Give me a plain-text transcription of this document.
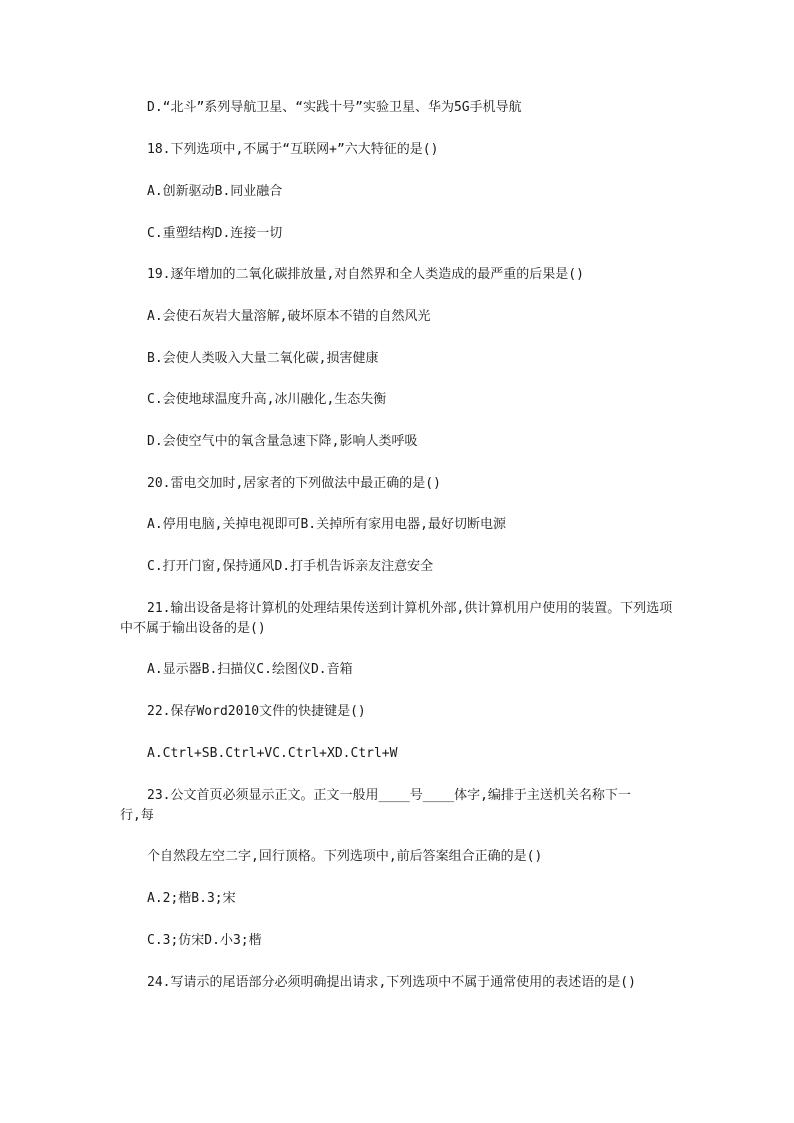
D.“北斗”系列导航卫星、“实践十号”实验卫星、华为5G手机导航
18.下列选项中,不属于“互联网+”六大特征的是()
A.创新驱动B.同业融合
C.重塑结构D.连接一切
19.逐年增加的二氧化碳排放量,对自然界和全人类造成的最严重的后果是()
A.会使石灰岩大量溶解,破坏原本不错的自然风光
B.会使人类吸入大量二氧化碳,损害健康
C.会使地球温度升高,冰川融化,生态失衡
D.会使空气中的氧含量急速下降,影响人类呼吸
20.雷电交加时,居家者的下列做法中最正确的是()
A.停用电脑,关掉电视即可B.关掉所有家用电器,最好切断电源
C.打开门窗,保持通风D.打手机告诉亲友注意安全
21.输出设备是将计算机的处理结果传送到计算机外部,供计算机用户使用的装置。下列选项中不属于输出设备的是()
A.显示器B.扫描仪C.绘图仪D.音箱
22.保存Word2010文件的快捷键是()
A.Ctrl+SB.Ctrl+VC.Ctrl+XD.Ctrl+W
23.公文首页必须显示正文。正文一般用____号____体字,编排于主送机关名称下一行,每
个自然段左空二字,回行顶格。下列选项中,前后答案组合正确的是()
A.2;楷B.3;宋
C.3;仿宋D.小3;楷
24.写请示的尾语部分必须明确提出请求,下列选项中不属于通常使用的表述语的是()
